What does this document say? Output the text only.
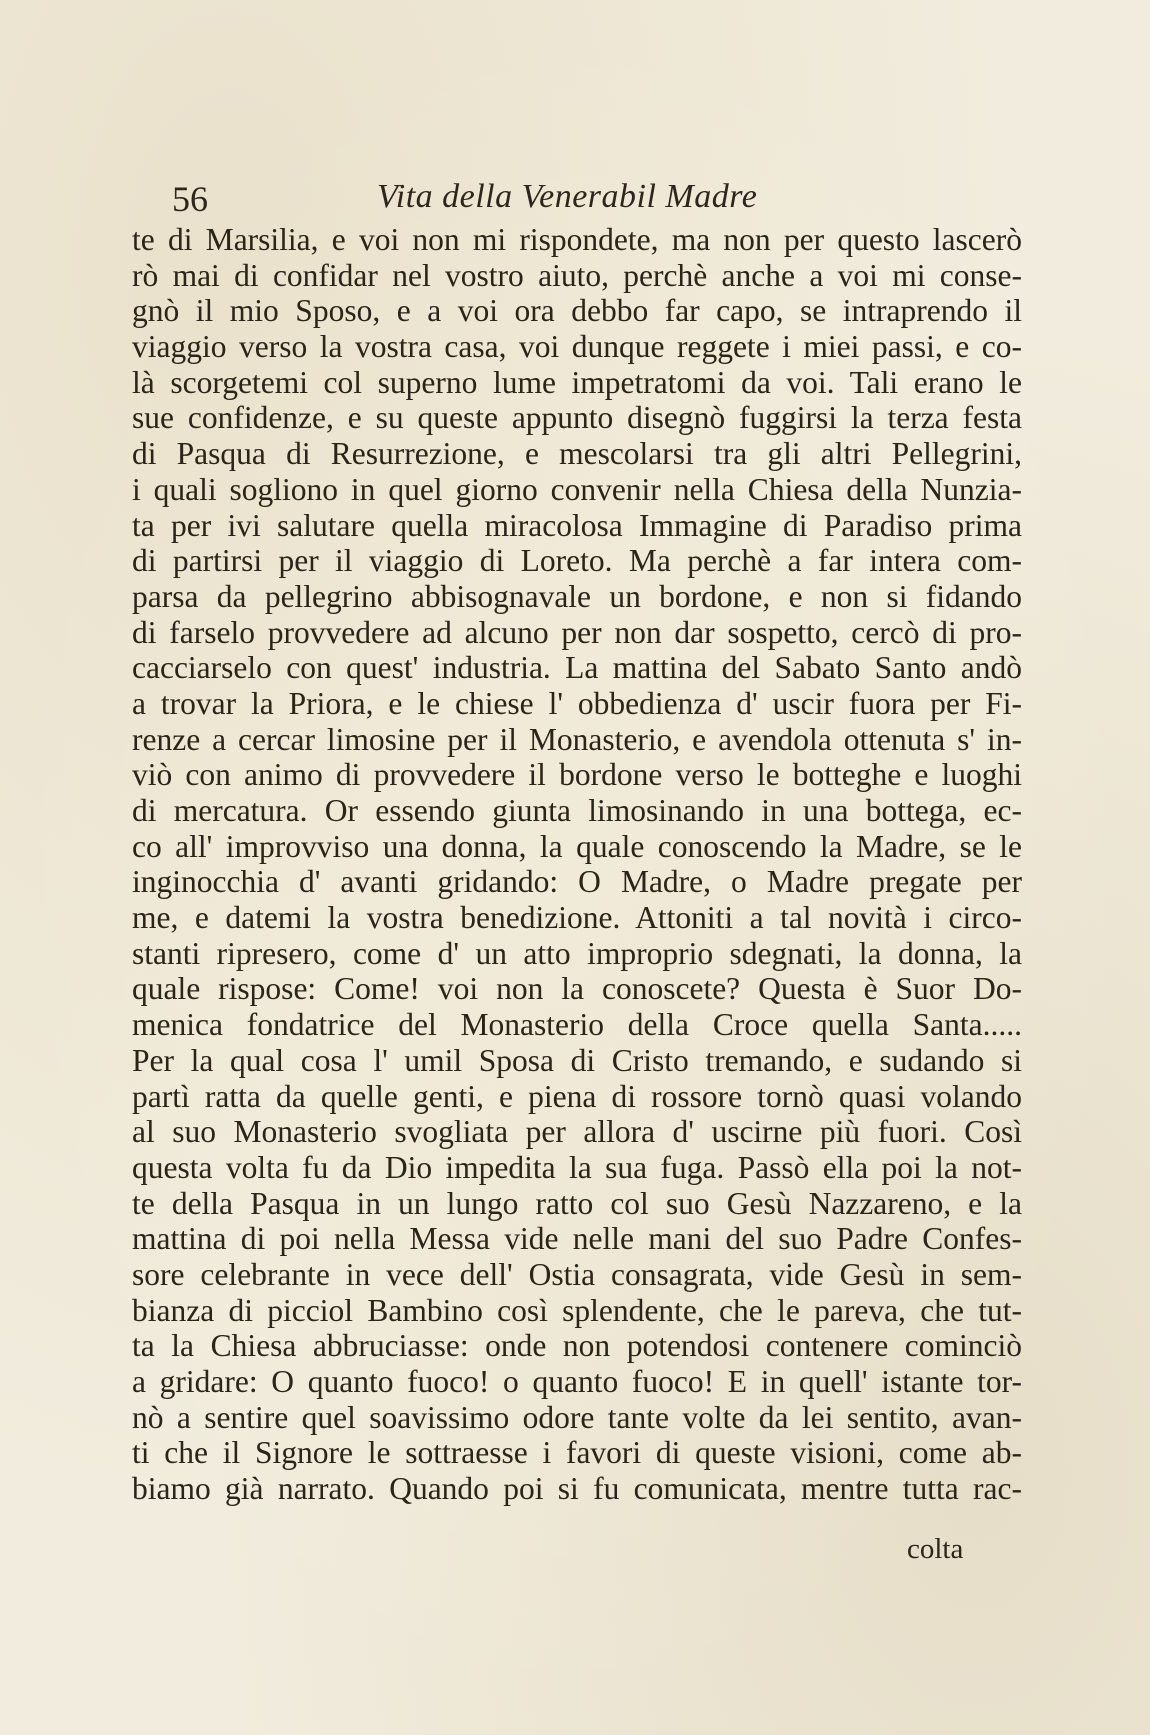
56	Vita della Venerabil Madre
te di Marsilia, e voi non mi rispondete, ma non per questo lascerò
rò mai di confidar nel vostro aiuto, perchè anche a voi mi conse-
gnò il mio Sposo, e a voi ora debbo far capo, se intraprendo il
viaggio verso la vostra casa, voi dunque reggete i miei passi, e co-
là scorgetemi col superno lume impetratomi da voi. Tali erano le
sue confidenze, e su queste appunto disegnò fuggirsi la terza festa
di Pasqua di Resurrezione, e mescolarsi tra gli altri Pellegrini,
i quali sogliono in quel giorno convenir nella Chiesa della Nunzia-
ta per ivi salutare quella miracolosa Immagine di Paradiso prima
di partirsi per il viaggio di Loreto. Ma perchè a far intera com-
parsa da pellegrino abbisognavale un bordone, e non si fidando
di farselo provvedere ad alcuno per non dar sospetto, cercò di pro-
cacciarselo con quest' industria. La mattina del Sabato Santo andò
a trovar la Priora, e le chiese l' obbedienza d' uscir fuora per Fi-
renze a cercar limosine per il Monasterio, e avendola ottenuta s' in-
viò con animo di provvedere il bordone verso le botteghe e luoghi
di mercatura. Or essendo giunta limosinando in una bottega, ec-
co all' improvviso una donna, la quale conoscendo la Madre, se le
inginocchia d' avanti gridando: O Madre, o Madre pregate per
me, e datemi la vostra benedizione. Attoniti a tal novità i circo-
stanti ripresero, come d' un atto improprio sdegnati, la donna, la
quale rispose: Come! voi non la conoscete? Questa è Suor Do-
menica fondatrice del Monasterio della Croce quella Santa.....
Per la qual cosa l' umil Sposa di Cristo tremando, e sudando si
partì ratta da quelle genti, e piena di rossore tornò quasi volando
al suo Monasterio svogliata per allora d' uscirne più fuori. Così
questa volta fu da Dio impedita la sua fuga. Passò ella poi la not-
te della Pasqua in un lungo ratto col suo Gesù Nazzareno, e la
mattina di poi nella Messa vide nelle mani del suo Padre Confes-
sore celebrante in vece dell' Ostia consagrata, vide Gesù in sem-
bianza di picciol Bambino così splendente, che le pareva, che tut-
ta la Chiesa abbruciasse: onde non potendosi contenere cominciò
a gridare: O quanto fuoco! o quanto fuoco! E in quell' istante tor-
nò a sentire quel soavissimo odore tante volte da lei sentito, avan-
ti che il Signore le sottraesse i favori di queste visioni, come ab-
biamo già narrato. Quando poi si fu comunicata, mentre tutta rac-
colta
